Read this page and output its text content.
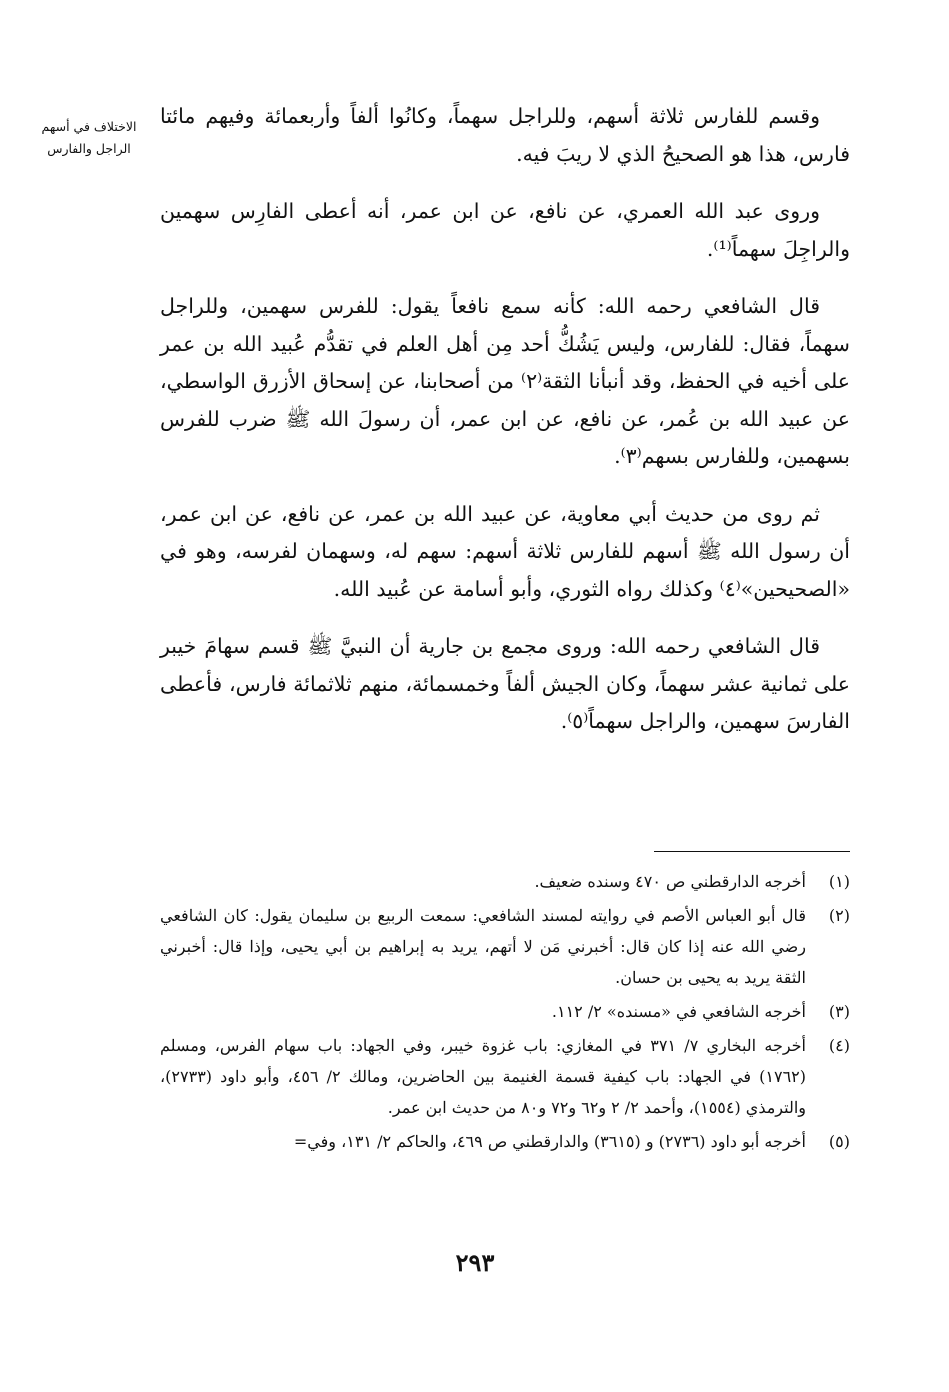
الاختلاف في أسهم
الراجل والفارس

وقسم للفارس ثلاثة أسهم، وللراجل سهماً، وكانُوا ألفاً وأربعمائة وفيهم مائتا فارس، هذا هو الصحيحُ الذي لا ريبَ فيه.

وروى عبد الله العمري، عن نافع، عن ابن عمر، أنه أعطى الفارِس سهمين والراجِلَ سهماً⁽¹⁾.

قال الشافعي رحمه الله: كأنه سمع نافعاً يقول: للفرس سهمين، وللراجل سهماً، فقال: للفارس، وليس يَشُكُّ أحد مِن أهل العلم في تقدُّم عُبيد الله بن عمر على أخيه في الحفظ، وقد أنبأنا الثقة⁽٢⁾ من أصحابنا، عن إسحاق الأزرق الواسطي، عن عبيد الله بن عُمر، عن نافع، عن ابن عمر، أن رسولَ الله ﷺ ضرب للفرس بسهمين، وللفارس بسهم⁽٣⁾.

ثم روى من حديث أبي معاوية، عن عبيد الله بن عمر، عن نافع، عن ابن عمر، أن رسول الله ﷺ أسهم للفارس ثلاثة أسهم: سهم له، وسهمان لفرسه، وهو في «الصحيحين»⁽٤⁾ وكذلك رواه الثوري، وأبو أسامة عن عُبيد الله.

قال الشافعي رحمه الله: وروى مجمع بن جارية أن النبيَّ ﷺ قسم سهامَ خيبر على ثمانية عشر سهماً، وكان الجيش ألفاً وخمسمائة، منهم ثلاثمائة فارس، فأعطى الفارسَ سهمين، والراجل سهماً⁽٥⁾.

(١)
أخرجه الدارقطني ص ٤٧٠ وسنده ضعيف.
(٢)
قال أبو العباس الأصم في روايته لمسند الشافعي: سمعت الربيع بن سليمان يقول: كان الشافعي رضي الله عنه إذا كان قال: أخبرني مَن لا أتهم، يريد به إبراهيم بن أبي يحيى، وإذا قال: أخبرني الثقة يريد به يحيى بن حسان.
(٣)
أخرجه الشافعي في «مسنده» ٢/ ١١٢.
(٤)
أخرجه البخاري ٧/ ٣٧١ في المغازي: باب غزوة خيبر، وفي الجهاد: باب سهام الفرس، ومسلم (١٧٦٢) في الجهاد: باب كيفية قسمة الغنيمة بين الحاضرين، ومالك ٢/ ٤٥٦، وأبو داود (٢٧٣٣)، والترمذي (١٥٥٤)، وأحمد ٢/ ٢ و٦٢ و٧٢ و٨٠ من حديث ابن عمر.
(٥)
أخرجه أبو داود (٢٧٣٦) و (٣٦١٥) والدارقطني ص ٤٦٩، والحاكم ٢/ ١٣١، وفي=
٢٩٣
